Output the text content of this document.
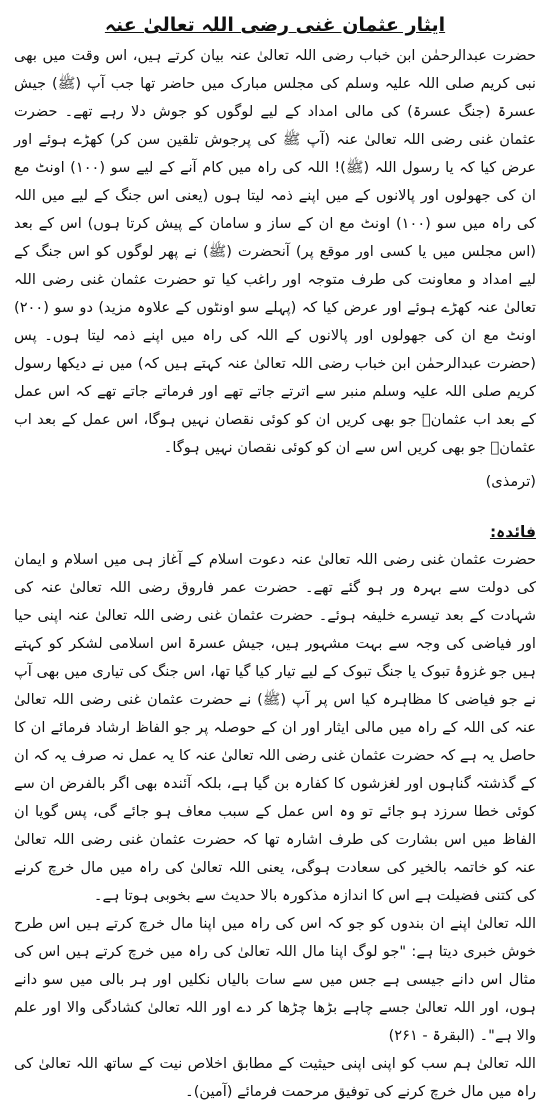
ایثار عثمان غنی رضی اللہ تعالیٰ عنہ

حضرت عبدالرحمٰن ابن خباب رضی اللہ تعالیٰ عنہ بیان کرتے ہیں، اس وقت میں بھی نبی کریم صلی اللہ علیہ وسلم کی مجلس مبارک میں حاضر تھا جب آپ (ﷺ) جیش عسرۃ (جنگ عسرۃ) کی مالی امداد کے لیے لوگوں کو جوش دلا رہے تھے۔ حضرت عثمان غنی رضی اللہ تعالیٰ عنہ (آپ ﷺ کی پرجوش تلقین سن کر) کھڑے ہوئے اور عرض کیا کہ یا رسول اللہ (ﷺ)! اللہ کی راہ میں کام آنے کے لیے سو (۱۰۰) اونٹ مع ان کی جھولوں اور پالانوں کے میں اپنے ذمہ لیتا ہوں (یعنی اس جنگ کے لیے میں اللہ کی راہ میں سو (۱۰۰) اونٹ مع ان کے ساز و سامان کے پیش کرتا ہوں) اس کے بعد (اس مجلس میں یا کسی اور موقع پر) آنحضرت (ﷺ) نے پھر لوگوں کو اس جنگ کے لیے امداد و معاونت کی طرف متوجہ اور راغب کیا تو حضرت عثمان غنی رضی اللہ تعالیٰ عنہ کھڑے ہوئے اور عرض کیا کہ (پہلے سو اونٹوں کے علاوہ مزید) دو سو (۲۰۰) اونٹ مع ان کی جھولوں اور پالانوں کے اللہ کی راہ میں اپنے ذمہ لیتا ہوں۔ پس (حضرت عبدالرحمٰن ابن خباب رضی اللہ تعالیٰ عنہ کہتے ہیں کہ) میں نے دیکھا رسول کریم صلی اللہ علیہ وسلم منبر سے اترتے جاتے تھے اور فرماتے جاتے تھے کہ اس عمل کے بعد اب عثمانؓ جو بھی کریں ان کو کوئی نقصان نہیں ہوگا، اس عمل کے بعد اب عثمانؓ جو بھی کریں اس سے ان کو کوئی نقصان نہیں ہوگا۔

(ترمذی)

فائدہ:

حضرت عثمان غنی رضی اللہ تعالیٰ عنہ دعوت اسلام کے آغاز ہی میں اسلام و ایمان کی دولت سے بہرہ ور ہو گئے تھے۔ حضرت عمر فاروق رضی اللہ تعالیٰ عنہ کی شہادت کے بعد تیسرے خلیفہ ہوئے۔ حضرت عثمان غنی رضی اللہ تعالیٰ عنہ اپنی حیا اور فیاضی کی وجہ سے بہت مشہور ہیں، جیش عسرۃ اس اسلامی لشکر کو کہتے ہیں جو غزوۂ تبوک یا جنگ تبوک کے لیے تیار کیا گیا تھا، اس جنگ کی تیاری میں بھی آپ نے جو فیاضی کا مظاہرہ کیا اس پر آپ (ﷺ) نے حضرت عثمان غنی رضی اللہ تعالیٰ عنہ کی اللہ کے راہ میں مالی ایثار اور ان کے حوصلہ پر جو الفاظ ارشاد فرمائے ان کا حاصل یہ ہے کہ حضرت عثمان غنی رضی اللہ تعالیٰ عنہ کا یہ عمل نہ صرف یہ کہ ان کے گذشتہ گناہوں اور لغزشوں کا کفارہ بن گیا ہے، بلکہ آئندہ بھی اگر بالفرض ان سے کوئی خطا سرزد ہو جائے تو وہ اس عمل کے سبب معاف ہو جائے گی، پس گویا ان الفاظ میں اس بشارت کی طرف اشارہ تھا کہ حضرت عثمان غنی رضی اللہ تعالیٰ عنہ کو خاتمہ بالخیر کی سعادت ہوگی، یعنی اللہ تعالیٰ کی راہ میں مال خرچ کرنے کی کتنی فضیلت ہے اس کا اندازہ مذکورہ بالا حدیث سے بخوبی ہوتا ہے۔

اللہ تعالیٰ اپنے ان بندوں کو جو کہ اس کی راہ میں اپنا مال خرچ کرتے ہیں اس طرح خوش خبری دیتا ہے: "جو لوگ اپنا مال اللہ تعالیٰ کی راہ میں خرچ کرتے ہیں اس کی مثال اس دانے جیسی ہے جس میں سے سات بالیاں نکلیں اور ہر بالی میں سو دانے ہوں، اور اللہ تعالیٰ جسے چاہے بڑھا چڑھا کر دے اور اللہ تعالیٰ کشادگی والا اور علم والا ہے"۔ (البقرۃ - ۲۶۱)

اللہ تعالیٰ ہم سب کو اپنی اپنی حیثیت کے مطابق اخلاص نیت کے ساتھ اللہ تعالیٰ کی راہ میں مال خرچ کرنے کی توفیق مرحمت فرمائے (آمین)۔
